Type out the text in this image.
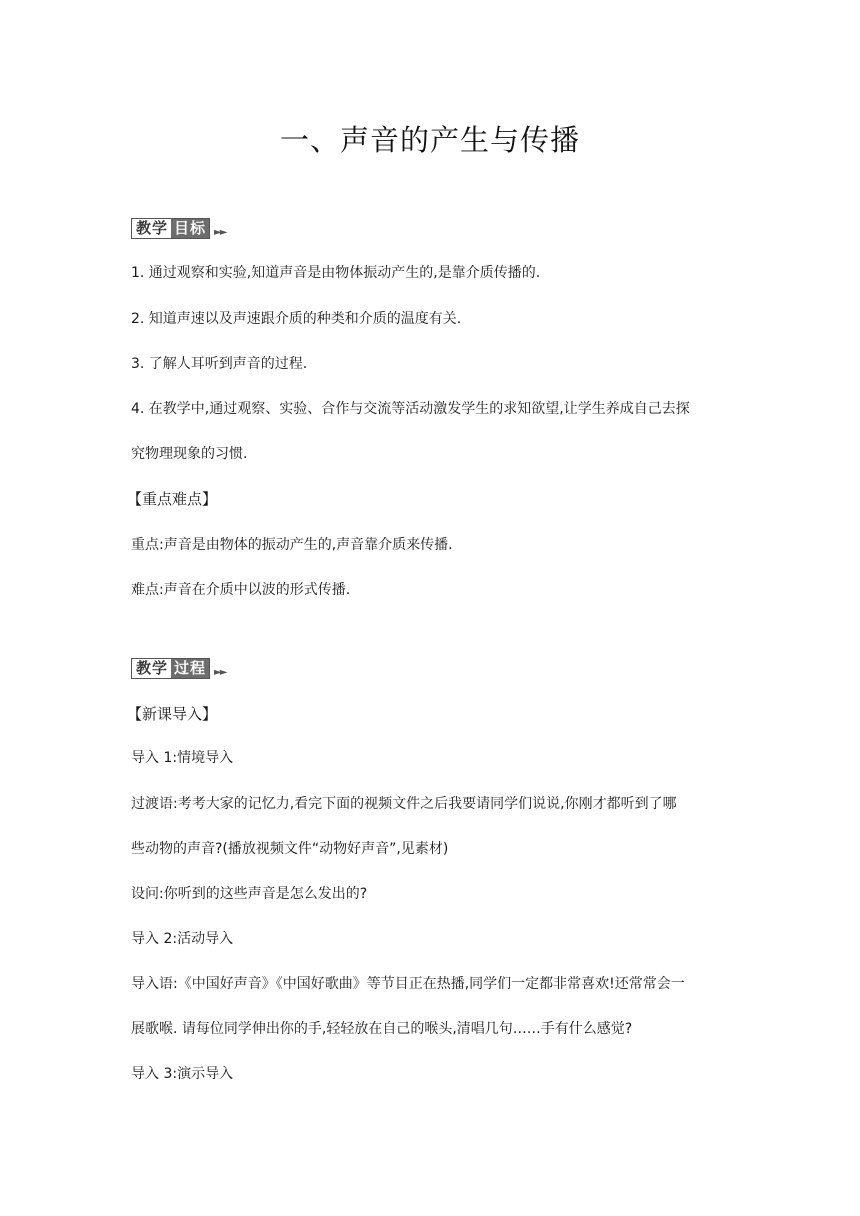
一、声音的产生与传播
教学 目标 ►►
1. 通过观察和实验,知道声音是由物体振动产生的,是靠介质传播的.
2. 知道声速以及声速跟介质的种类和介质的温度有关.
3. 了解人耳听到声音的过程.
4. 在教学中,通过观察、实验、合作与交流等活动激发学生的求知欲望,让学生养成自己去探
究物理现象的习惯.
【重点难点】
重点:声音是由物体的振动产生的,声音靠介质来传播.
难点:声音在介质中以波的形式传播.
教学 过程 ►►
【新课导入】
导入 1:情境导入
过渡语:考考大家的记忆力,看完下面的视频文件之后我要请同学们说说,你刚才都听到了哪
些动物的声音?(播放视频文件“动物好声音”,见素材)
设问:你听到的这些声音是怎么发出的?
导入 2:活动导入
导入语:《中国好声音》《中国好歌曲》等节目正在热播,同学们一定都非常喜欢!还常常会一
展歌喉. 请每位同学伸出你的手,轻轻放在自己的喉头,清唱几句……手有什么感觉?
导入 3:演示导入
